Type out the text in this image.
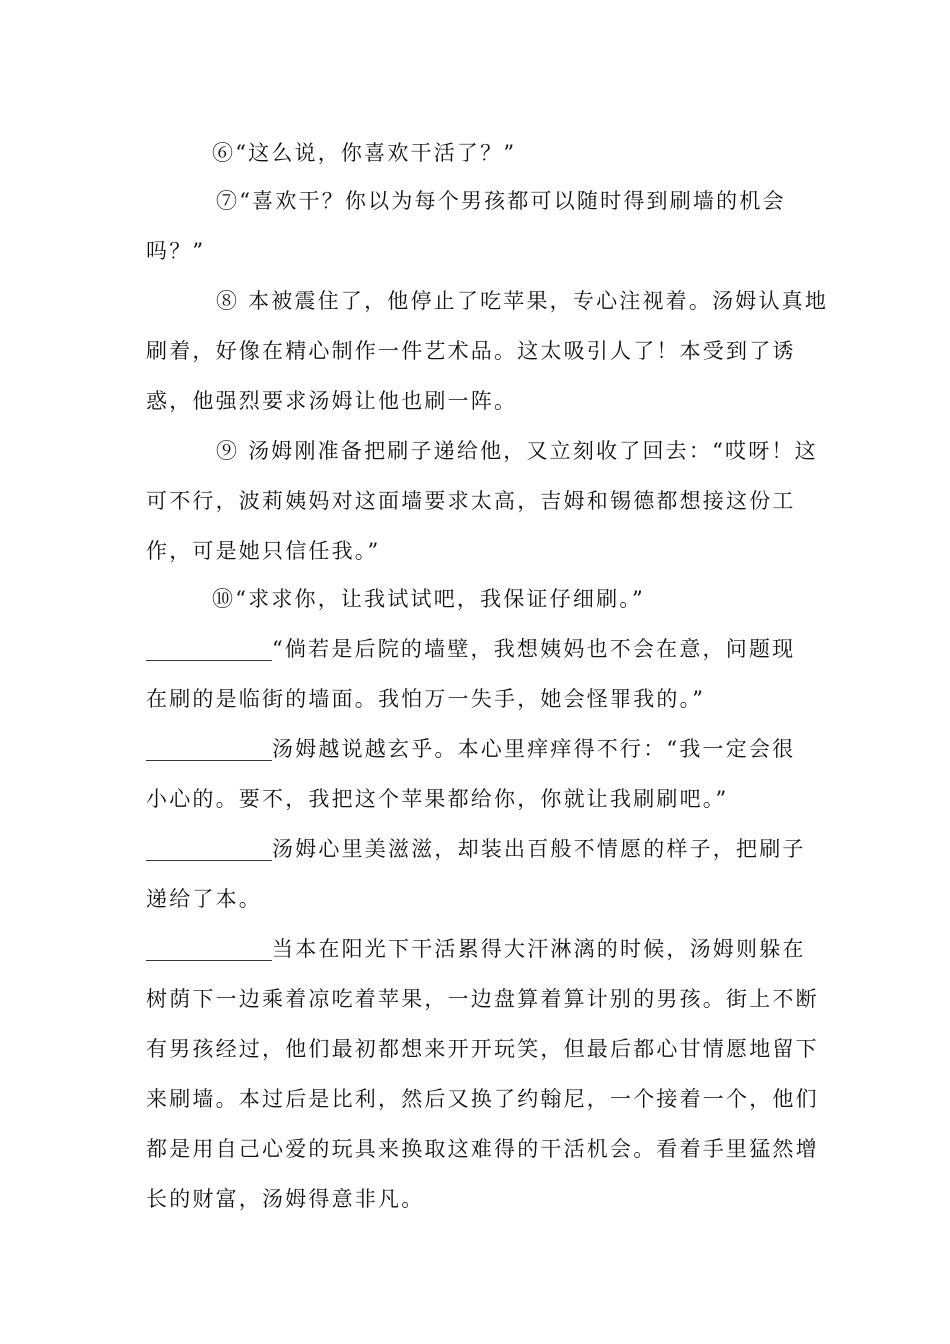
⑥“这么说，你喜欢干活了？”
⑦“喜欢干？你以为每个男孩都可以随时得到刷墙的机会
吗？”
⑧ 本被震住了，他停止了吃苹果，专心注视着。汤姆认真地
刷着，好像在精心制作一件艺术品。这太吸引人了！本受到了诱
惑，他强烈要求汤姆让他也刷一阵。
⑨ 汤姆刚准备把刷子递给他，又立刻收了回去：“哎呀！这
可不行，波莉姨妈对这面墙要求太高，吉姆和锡德都想接这份工
作，可是她只信任我。”
⑩“求求你，让我试试吧，我保证仔细刷。”
____________“倘若是后院的墙壁，我想姨妈也不会在意，问题现
在刷的是临街的墙面。我怕万一失手，她会怪罪我的。”
____________汤姆越说越玄乎。本心里痒痒得不行：“我一定会很
小心的。要不，我把这个苹果都给你，你就让我刷刷吧。”
____________汤姆心里美滋滋，却装出百般不情愿的样子，把刷子
递给了本。
____________当本在阳光下干活累得大汗淋漓的时候，汤姆则躲在
树荫下一边乘着凉吃着苹果，一边盘算着算计别的男孩。街上不断
有男孩经过，他们最初都想来开开玩笑，但最后都心甘情愿地留下
来刷墙。本过后是比利，然后又换了约翰尼，一个接着一个，他们
都是用自己心爱的玩具来换取这难得的干活机会。看着手里猛然增
长的财富，汤姆得意非凡。
